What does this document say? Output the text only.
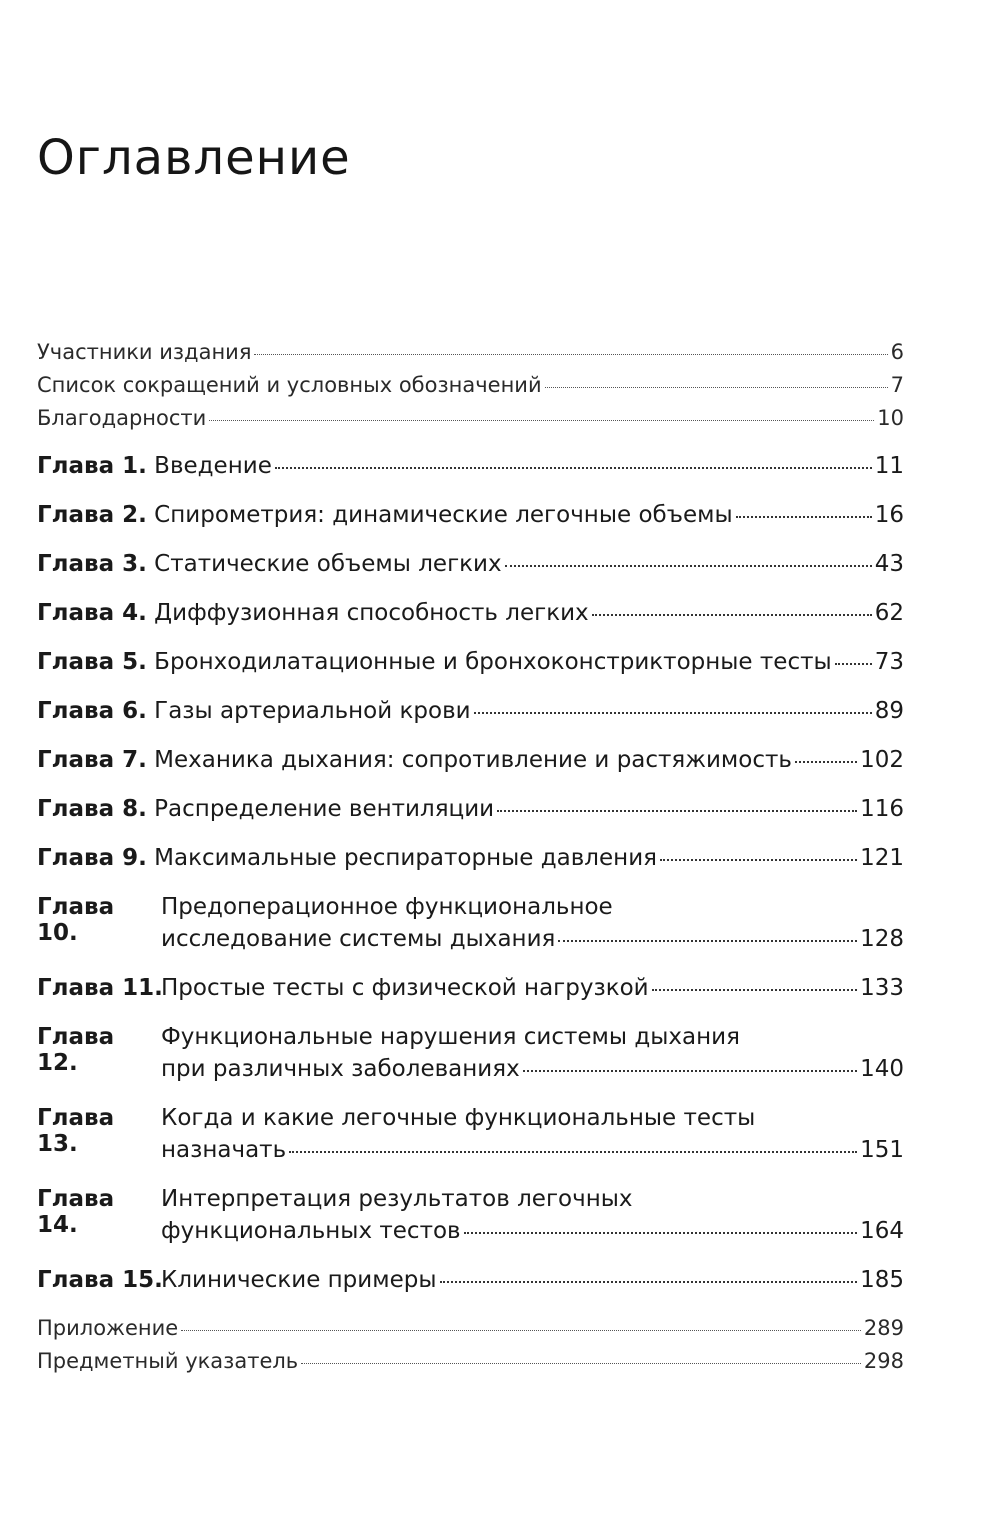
Оглавление
Участники издания	6
Список сокращений и условных обозначений	7
Благодарности	10
Глава 1. Введение	11
Глава 2. Спирометрия: динамические легочные объемы	16
Глава 3. Статические объемы легких	43
Глава 4. Диффузионная способность легких	62
Глава 5. Бронходилатационные и бронхоконстрикторные тесты 73
Глава 6. Газы артериальной крови	89
Глава 7. Механика дыхания: сопротивление и растяжимость	102
Глава 8. Распределение вентиляции	116
Глава 9. Максимальные респираторные давления	121
Глава 10.
Предоперационное функциональное
исследование системы дыхания	128
Глава 11.Простые тесты с физической нагрузкой	133
Глава 12.
Функциональные нарушения системы дыхания
при различных заболеваниях	140
Глава 13.
Когда и какие легочные функциональные тесты
назначать	151
Глава 14.
Интерпретация результатов легочных
функциональных тестов	164
Глава 15.Клинические примеры	185
Приложение	289
Предметный указатель	298
